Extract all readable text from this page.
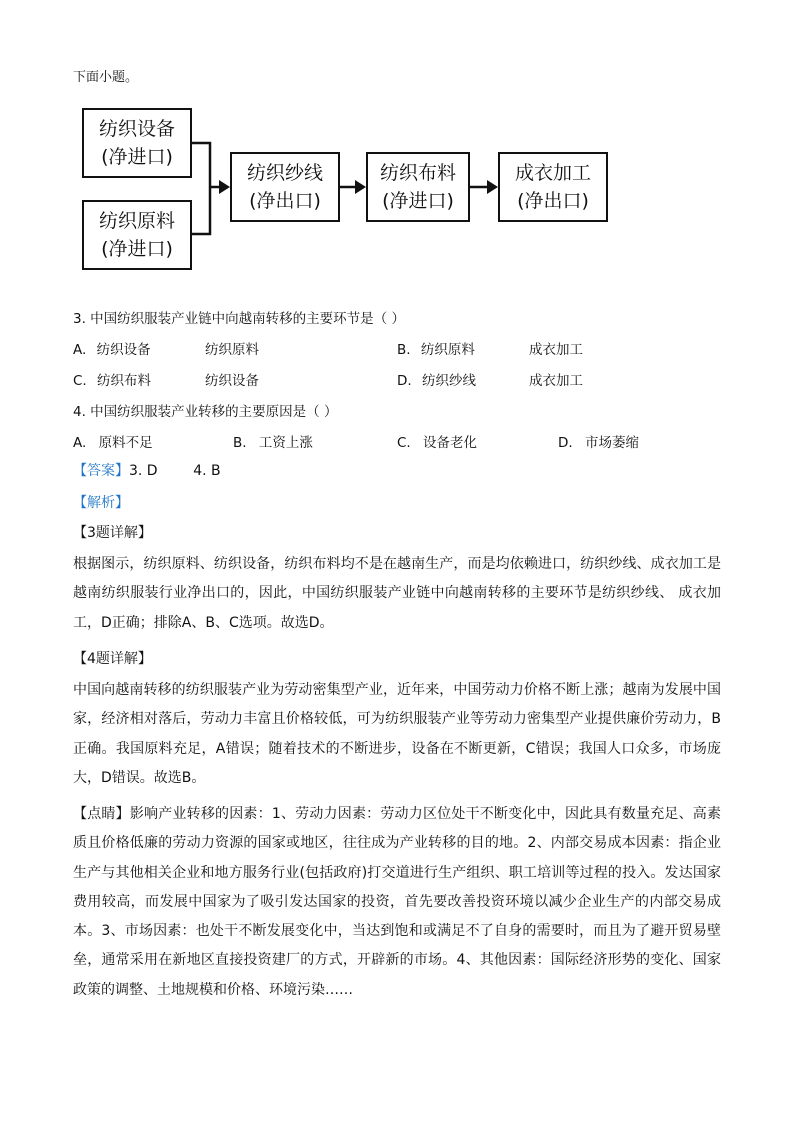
下面小题。
纺织设备
(净进口)
纺织原料
(净进口)
纺织纱线
(净出口)
纺织布料
(净进口)
成衣加工
(净出口)
3. 中国纺织服装产业链中向越南转移的主要环节是（ ）
A. 纺织设备	纺织原料	B. 纺织原料	成衣加工
C. 纺织布料	纺织设备	D. 纺织纱线	成衣加工
4. 中国纺织服装产业转移的主要原因是（ ）
A. 原料不足	B. 工资上涨	C. 设备老化	D. 市场萎缩
【答案】3. D        4. B
【解析】
【3题详解】
根据图示，纺织原料、纺织设备，纺织布料均不是在越南生产，而是均依赖进口，纺织纱线、成衣加工是越南纺织服装行业净出口的，因此，中国纺织服装产业链中向越南转移的主要环节是纺织纱线、 成衣加工，D正确；排除A、B、C选项。故选D。
【4题详解】
中国向越南转移的纺织服装产业为劳动密集型产业，近年来，中国劳动力价格不断上涨；越南为发展中国家，经济相对落后，劳动力丰富且价格较低，可为纺织服装产业等劳动力密集型产业提供廉价劳动力，B正确。我国原料充足，A错误；随着技术的不断进步，设备在不断更新，C错误；我国人口众多，市场庞大，D错误。故选B。
【点睛】影响产业转移的因素：1、劳动力因素：劳动力区位处干不断变化中，因此具有数量充足、高素质且价格低廉的劳动力资源的国家或地区，往往成为产业转移的目的地。2、内部交易成本因素：指企业生产与其他相关企业和地方服务行业(包括政府)打交道进行生产组织、职工培训等过程的投入。发达国家费用较高，而发展中国家为了吸引发达国家的投资，首先要改善投资环境以减少企业生产的内部交易成本。3、市场因素：也处干不断发展变化中，当达到饱和或满足不了自身的需要时，而且为了避开贸易壁垒，通常采用在新地区直接投资建厂的方式，开辟新的市场。4、其他因素：国际经济形势的变化、国家政策的调整、土地规模和价格、环境污染……
